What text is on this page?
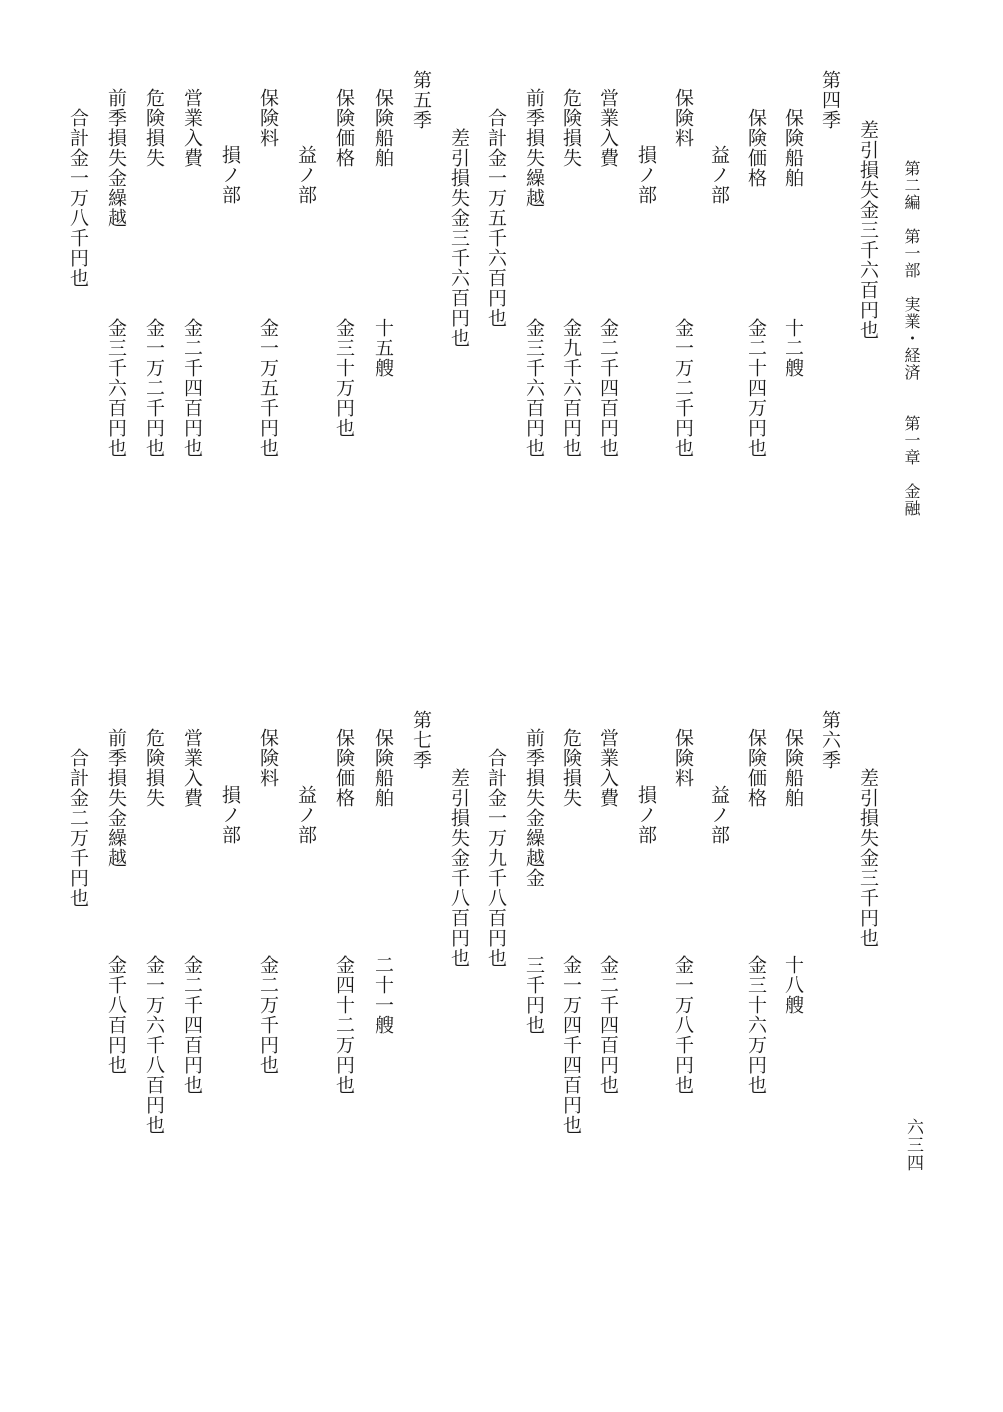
第二編　第一部　実業・経済　　第一章　金融
六三四
差引損失金三千六百円也
第四季
保険船舶
十二艘
保険価格
金二十四万円也
益ノ部
保険料
金一万二千円也
損ノ部
営業入費
金二千四百円也
危険損失
金九千六百円也
前季損失繰越
金三千六百円也
合計金一万五千六百円也
差引損失金三千六百円也
第五季
保険船舶
十五艘
保険価格
金三十万円也
益ノ部
保険料
金一万五千円也
損ノ部
営業入費
金二千四百円也
危険損失
金一万二千円也
前季損失金繰越
金三千六百円也
合計金一万八千円也
差引損失金三千円也
第六季
保険船舶
十八艘
保険価格
金三十六万円也
益ノ部
保険料
金一万八千円也
損ノ部
営業入費
金二千四百円也
危険損失
金一万四千四百円也
前季損失金繰越金
三千円也
合計金一万九千八百円也
差引損失金千八百円也
第七季
保険船舶
二十一艘
保険価格
金四十二万円也
益ノ部
保険料
金二万千円也
損ノ部
営業入費
金二千四百円也
危険損失
金一万六千八百円也
前季損失金繰越
金千八百円也
合計金二万千円也
